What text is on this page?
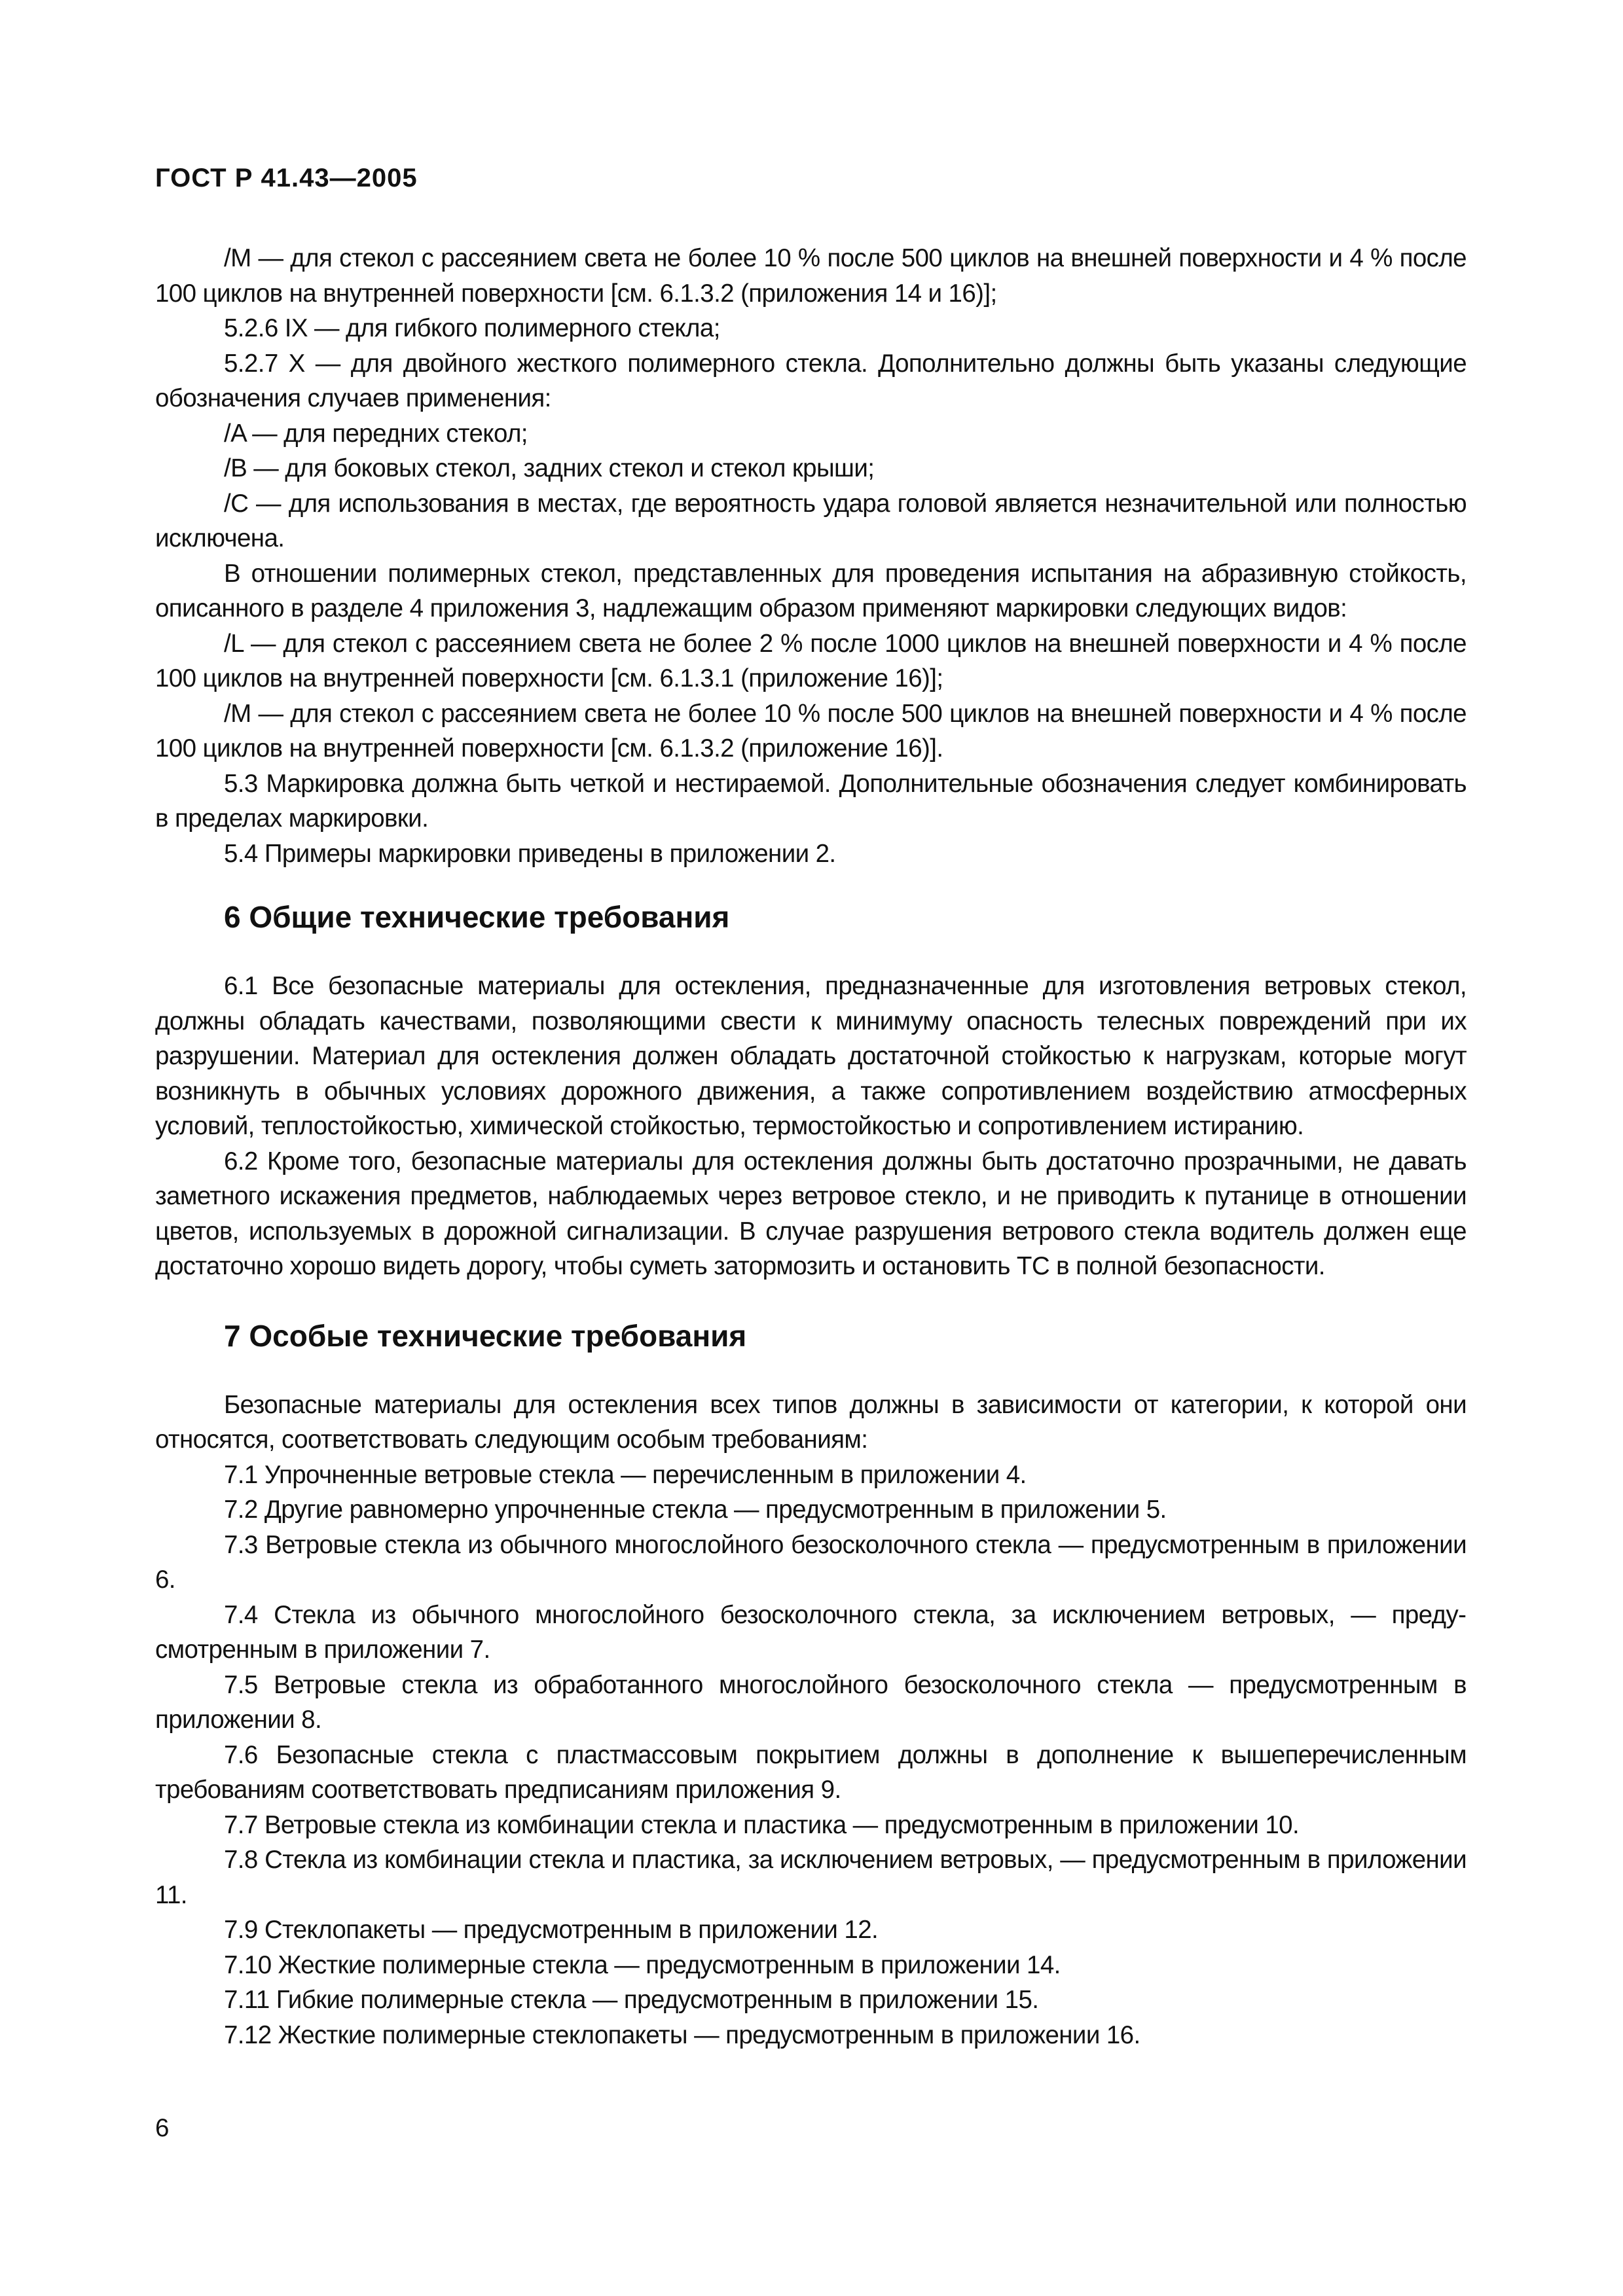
ГОСТ Р 41.43—2005

/М — для стекол с рассеянием света не более 10 % после 500 циклов на внешней поверхности и 4 % после 100 циклов на внутренней поверхности [см. 6.1.3.2 (приложения 14 и 16)];

5.2.6 IX — для гибкого полимерного стекла;

5.2.7 X — для двойного жесткого полимерного стекла. Дополнительно должны быть указаны следующие обозначения случаев применения:

/A — для передних стекол;

/B — для боковых стекол, задних стекол и стекол крыши;

/C — для использования в местах, где вероятность удара головой является незначительной или полностью исключена.

В отношении полимерных стекол, представленных для проведения испытания на абразивную стойкость, описанного в разделе 4 приложения 3, надлежащим образом применяют маркировки следующих видов:

/L — для стекол с рассеянием света не более 2 % после 1000 циклов на внешней поверхности и 4 % после 100 циклов на внутренней поверхности [см. 6.1.3.1 (приложение 16)];

/М — для стекол с рассеянием света не более 10 % после 500 циклов на внешней поверхности и 4 % после 100 циклов на внутренней поверхности [см. 6.1.3.2 (приложение 16)].

5.3 Маркировка должна быть четкой и нестираемой. Дополнительные обозначения следует комбинировать в пределах маркировки.

5.4 Примеры маркировки приведены в приложении 2.

6 Общие технические требования

6.1 Все безопасные материалы для остекления, предназначенные для изготовления ветровых стекол, должны обладать качествами, позволяющими свести к минимуму опасность телесных повреждений при их разрушении. Материал для остекления должен обладать достаточной стойкостью к нагрузкам, которые могут возникнуть в обычных условиях дорожного движения, а также сопротивлением воздействию атмосферных условий, теплостойкостью, химической стойкостью, термостойкостью и сопротивлением истиранию.

6.2 Кроме того, безопасные материалы для остекления должны быть достаточно прозрачными, не давать заметного искажения предметов, наблюдаемых через ветровое стекло, и не приводить к путанице в отношении цветов, используемых в дорожной сигнализации. В случае разрушения ветрового стекла водитель должен еще достаточно хорошо видеть дорогу, чтобы суметь затормозить и остановить ТС в полной безопасности.

7 Особые технические требования

Безопасные материалы для остекления всех типов должны в зависимости от категории, к которой они относятся, соответствовать следующим особым требованиям:

7.1 Упрочненные ветровые стекла — перечисленным в приложении 4.

7.2 Другие равномерно упрочненные стекла — предусмотренным в приложении 5.

7.3 Ветровые стекла из обычного многослойного безосколочного стекла — предусмотренным в приложении 6.

7.4 Стекла из обычного многослойного безосколочного стекла, за исключением ветровых, — предусмотренным в приложении 7.

7.5 Ветровые стекла из обработанного многослойного безосколочного стекла — предусмотренным в приложении 8.

7.6 Безопасные стекла с пластмассовым покрытием должны в дополнение к вышеперечисленным требованиям соответствовать предписаниям приложения 9.

7.7 Ветровые стекла из комбинации стекла и пластика — предусмотренным в приложении 10.

7.8 Стекла из комбинации стекла и пластика, за исключением ветровых, — предусмотренным в приложении 11.

7.9 Стеклопакеты — предусмотренным в приложении 12.

7.10 Жесткие полимерные стекла — предусмотренным в приложении 14.

7.11 Гибкие полимерные стекла — предусмотренным в приложении 15.

7.12 Жесткие полимерные стеклопакеты — предусмотренным в приложении 16.

6
